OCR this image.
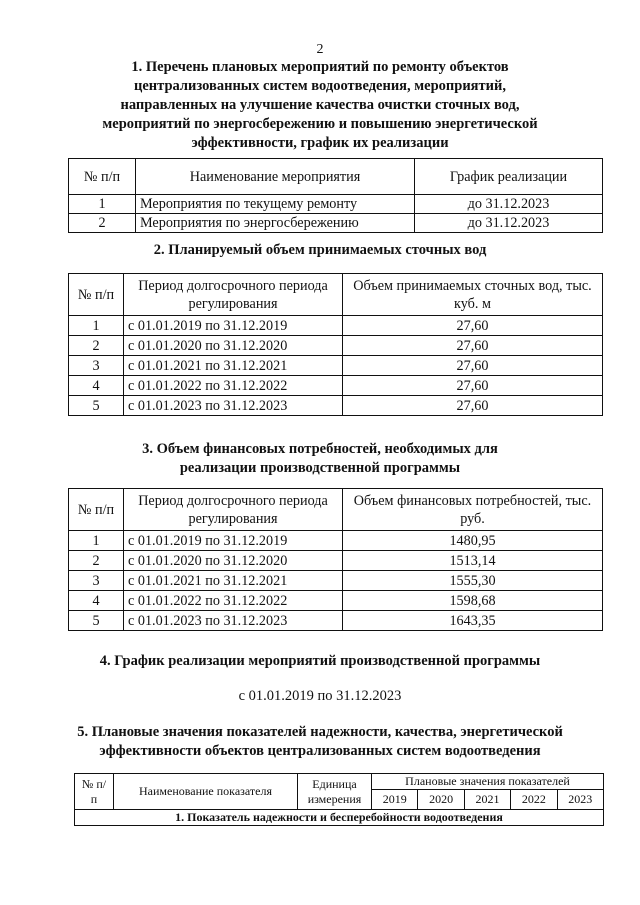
2
1. Перечень плановых мероприятий по ремонту объектов
централизованных систем водоотведения, мероприятий,
направленных на улучшение качества очистки сточных вод,
мероприятий по энергосбережению и повышению энергетической
эффективности, график их реализации
№ п/п	Наименование мероприятия	График реализации
1	Мероприятия по текущему ремонту	до 31.12.2023
2	Мероприятия по энергосбережению	до 31.12.2023
2. Планируемый объем принимаемых сточных вод
№ п/п	Период долгосрочного периода регулирования	Объем принимаемых сточных вод, тыс. куб. м
1	с 01.01.2019 по 31.12.2019	27,60
2	с 01.01.2020 по 31.12.2020	27,60
3	с 01.01.2021 по 31.12.2021	27,60
4	с 01.01.2022 по 31.12.2022	27,60
5	с 01.01.2023 по 31.12.2023	27,60
3. Объем финансовых потребностей, необходимых для
реализации производственной программы
№ п/п	Период долгосрочного периода регулирования	Объем финансовых потребностей, тыс. руб.
1	с 01.01.2019 по 31.12.2019	1480,95
2	с 01.01.2020 по 31.12.2020	1513,14
3	с 01.01.2021 по 31.12.2021	1555,30
4	с 01.01.2022 по 31.12.2022	1598,68
5	с 01.01.2023 по 31.12.2023	1643,35
4. График реализации мероприятий производственной программы
с 01.01.2019 по 31.12.2023
5. Плановые значения показателей надежности, качества, энергетической
эффективности объектов централизованных систем водоотведения
№ п/п	Наименование показателя	Единица измерения	Плановые значения показателей				
			2019	2020	2021	2022	2023
1. Показатель надежности и бесперебойности водоотведения							
